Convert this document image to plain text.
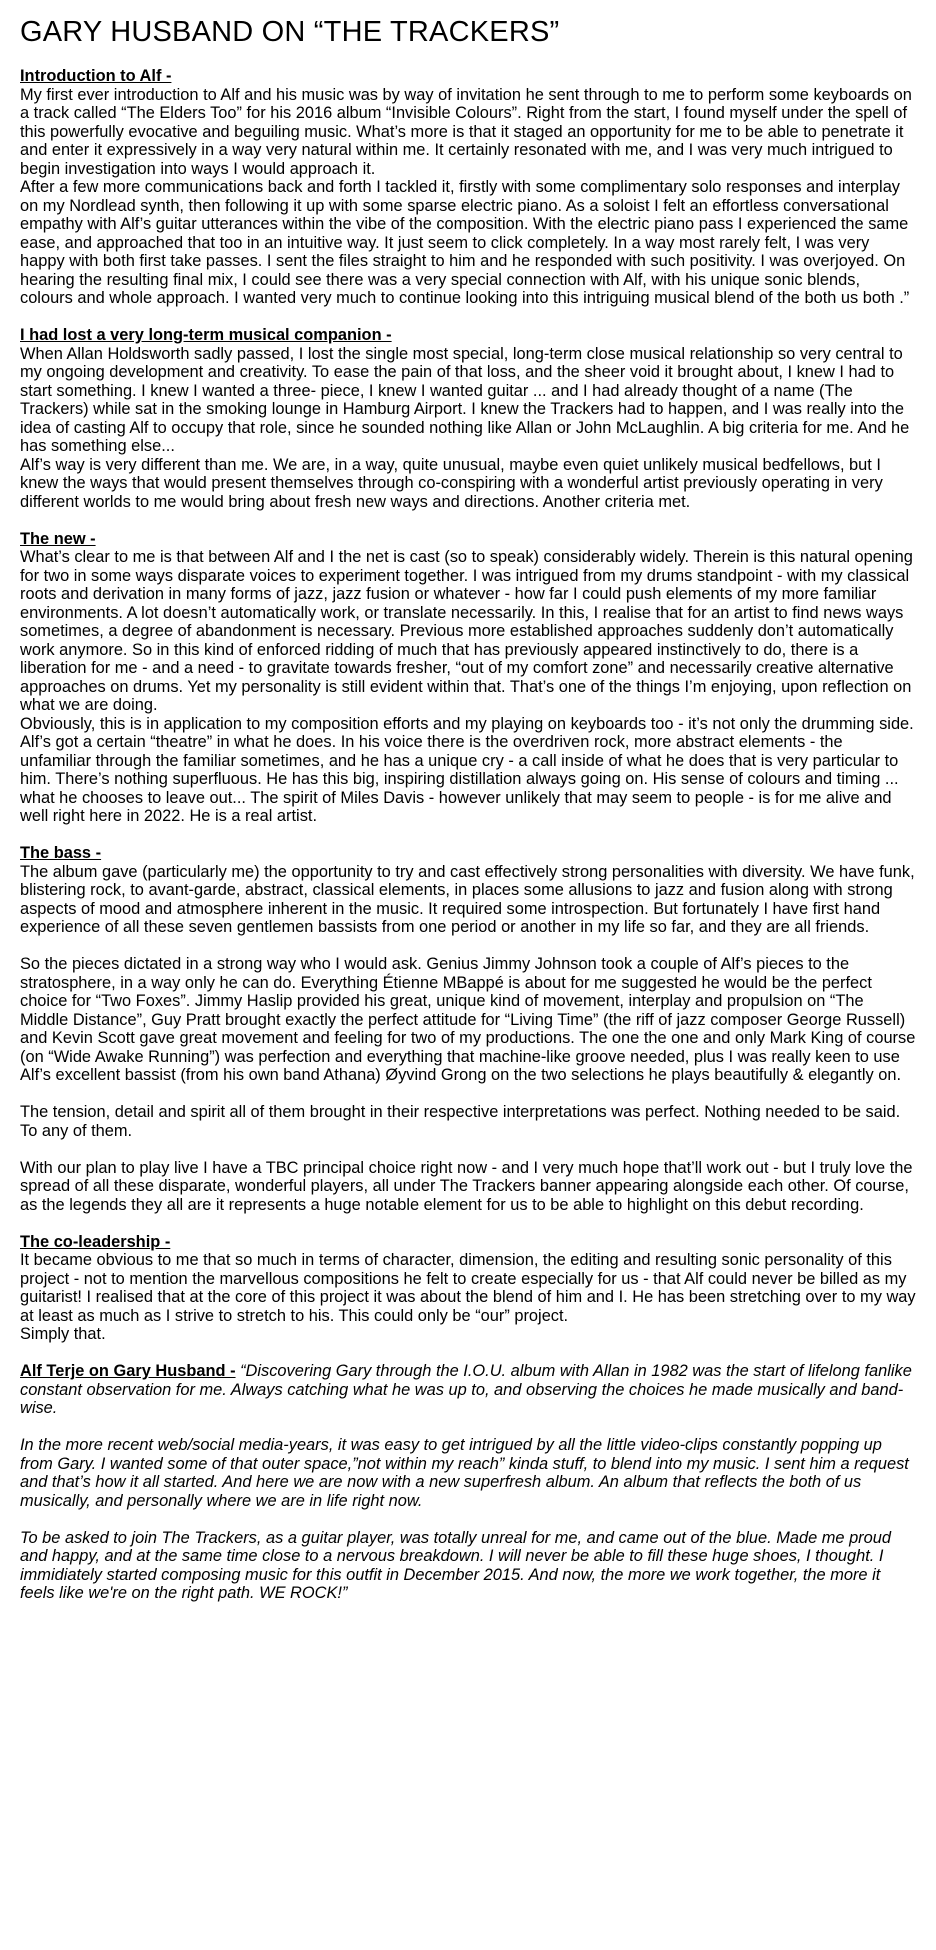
GARY HUSBAND ON “THE TRACKERS”
Introduction to Alf -

My first ever introduction to Alf and his music was by way of invitation he sent through to me to perform some keyboards on a track called “The Elders Too” for his 2016 album “Invisible Colours”. Right from the start, I found myself under the spell of this powerfully evocative and beguiling music. What’s more is that it staged an opportunity for me to be able to penetrate it and enter it expressively in a way very natural within me. It certainly resonated with me, and I was very much intrigued to begin investigation into ways I would approach it.

After a few more communications back and forth I tackled it, firstly with some complimentary solo responses and interplay on my Nordlead synth, then following it up with some sparse electric piano. As a soloist I felt an effortless conversational empathy with Alf’s guitar utterances within the vibe of the composition. With the electric piano pass I experienced the same ease, and approached that too in an intuitive way. It just seem to click completely. In a way most rarely felt, I was very happy with both first take passes. I sent the files straight to him and he responded with such positivity. I was overjoyed. On hearing the resulting final mix, I could see there was a very special connection with Alf, with his unique sonic blends, colours and whole approach. I wanted very much to continue looking into this intriguing musical blend of the both us both .”

I had lost a very long-term musical companion -

When Allan Holdsworth sadly passed, I lost the single most special, long-term close musical relationship so very central to my ongoing development and creativity. To ease the pain of that loss, and the sheer void it brought about, I knew I had to start something. I knew I wanted a three- piece, I knew I wanted guitar ... and I had already thought of a name (The Trackers) while sat in the smoking lounge in Hamburg Airport. I knew the Trackers had to happen, and I was really into the idea of casting Alf to occupy that role, since he sounded nothing like Allan or John McLaughlin. A big criteria for me. And he has something else...

Alf’s way is very different than me. We are, in a way, quite unusual, maybe even quiet unlikely musical bedfellows, but I knew the ways that would present themselves through co-conspiring with a wonderful artist previously operating in very different worlds to me would bring about fresh new ways and directions. Another criteria met.

The new -

What’s clear to me is that between Alf and I the net is cast (so to speak) considerably widely. Therein is this natural opening for two in some ways disparate voices to experiment together. I was intrigued from my drums standpoint - with my classical roots and derivation in many forms of jazz, jazz fusion or whatever - how far I could push elements of my more familiar environments. A lot doesn’t automatically work, or translate necessarily. In this, I realise that for an artist to find news ways sometimes, a degree of abandonment is necessary. Previous more established approaches suddenly don’t automatically work anymore. So in this kind of enforced ridding of much that has previously appeared instinctively to do, there is a liberation for me - and a need - to gravitate towards fresher, “out of my comfort zone” and necessarily creative alternative approaches on drums. Yet my personality is still evident within that. That’s one of the things I’m enjoying, upon reflection on what we are doing.

Obviously, this is in application to my composition efforts and my playing on keyboards too - it’s not only the drumming side.

Alf’s got a certain “theatre” in what he does. In his voice there is the overdriven rock, more abstract elements - the unfamiliar through the familiar sometimes, and he has a unique cry - a call inside of what he does that is very particular to him. There’s nothing superfluous. He has this big, inspiring distillation always going on. His sense of colours and timing ... what he chooses to leave out... The spirit of Miles Davis - however unlikely that may seem to people - is for me alive and well right here in 2022. He is a real artist.

The bass -

The album gave (particularly me) the opportunity to try and cast effectively strong personalities with diversity. We have funk, blistering rock, to avant-garde, abstract, classical elements, in places some allusions to jazz and fusion along with strong aspects of mood and atmosphere inherent in the music. It required some introspection. But fortunately I have first hand experience of all these seven gentlemen bassists from one period or another in my life so far, and they are all friends.

So the pieces dictated in a strong way who I would ask. Genius Jimmy Johnson took a couple of Alf’s pieces to the stratosphere, in a way only he can do. Everything Étienne MBappé is about for me suggested he would be the perfect choice for “Two Foxes”. Jimmy Haslip provided his great, unique kind of movement, interplay and propulsion on “The Middle Distance”, Guy Pratt brought exactly the perfect attitude for “Living Time” (the riff of jazz composer George Russell) and Kevin Scott gave great movement and feeling for two of my productions. The one the one and only Mark King of course (on “Wide Awake Running”) was perfection and everything that machine-like groove needed, plus I was really keen to use Alf’s excellent bassist (from his own band Athana) Øyvind Grong on the two selections he plays beautifully & elegantly on.

The tension, detail and spirit all of them brought in their respective interpretations was perfect. Nothing needed to be said. To any of them.

With our plan to play live I have a TBC principal choice right now - and I very much hope that’ll work out - but I truly love the spread of all these disparate, wonderful players, all under The Trackers banner appearing alongside each other. Of course, as the legends they all are it represents a huge notable element for us to be able to highlight on this debut recording.

The co-leadership -

It became obvious to me that so much in terms of character, dimension, the editing and resulting sonic personality of this project - not to mention the marvellous compositions he felt to create especially for us - that Alf could never be billed as my guitarist! I realised that at the core of this project it was about the blend of him and I. He has been stretching over to my way at least as much as I strive to stretch to his. This could only be “our” project.

Simply that.

Alf Terje on Gary Husband - “Discovering Gary through the I.O.U. album with Allan in 1982 was the start of lifelong fanlike constant observation for me. Always catching what he was up to, and observing the choices he made musically and band-wise.

In the more recent web/social media-years, it was easy to get intrigued by all the little video-clips constantly popping up from Gary. I wanted some of that outer space,”not within my reach” kinda stuff, to blend into my music. I sent him a request and that’s how it all started. And here we are now with a new superfresh album. An album that reflects the both of us musically, and personally where we are in life right now.

To be asked to join The Trackers, as a guitar player, was totally unreal for me, and came out of the blue. Made me proud and happy, and at the same time close to a nervous breakdown. I will never be able to fill these huge shoes, I thought. I immidiately started composing music for this outfit in December 2015. And now, the more we work together, the more it feels like we're on the right path. WE ROCK!”
